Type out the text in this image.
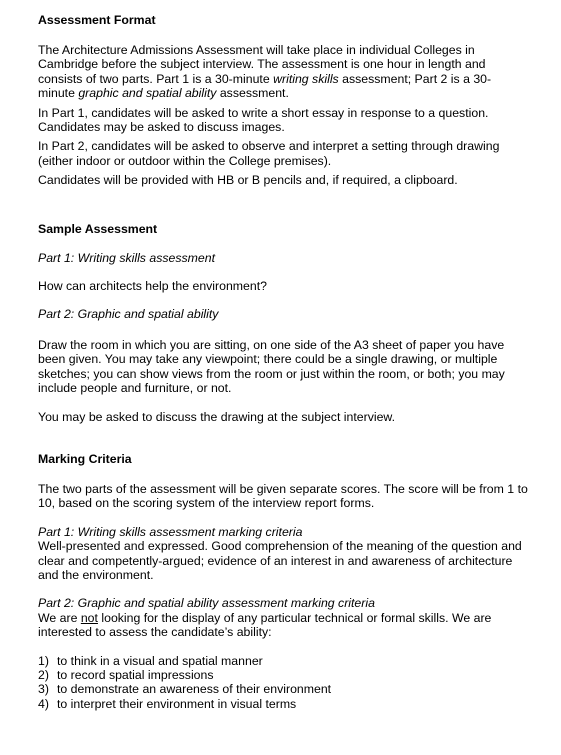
Assessment Format

The Architecture Admissions Assessment will take place in individual Colleges in Cambridge before the subject interview. The assessment is one hour in length and consists of two parts. Part 1 is a 30-minute writing skills assessment; Part 2 is a 30-minute graphic and spatial ability assessment.

In Part 1, candidates will be asked to write a short essay in response to a question. Candidates may be asked to discuss images.

In Part 2, candidates will be asked to observe and interpret a setting through drawing (either indoor or outdoor within the College premises).

Candidates will be provided with HB or B pencils and, if required, a clipboard.

Sample Assessment

Part 1: Writing skills assessment

How can architects help the environment?

Part 2: Graphic and spatial ability

Draw the room in which you are sitting, on one side of the A3 sheet of paper you have been given. You may take any viewpoint; there could be a single drawing, or multiple sketches; you can show views from the room or just within the room, or both; you may include people and furniture, or not.

You may be asked to discuss the drawing at the subject interview.

Marking Criteria

The two parts of the assessment will be given separate scores. The score will be from 1 to 10, based on the scoring system of the interview report forms.

Part 1: Writing skills assessment marking criteria

Well-presented and expressed. Good comprehension of the meaning of the question and clear and competently-argued; evidence of an interest in and awareness of architecture and the environment.

Part 2: Graphic and spatial ability assessment marking criteria

We are not looking for the display of any particular technical or formal skills. We are interested to assess the candidate’s ability:

1) to think in a visual and spatial manner
2) to record spatial impressions
3) to demonstrate an awareness of their environment
4) to interpret their environment in visual terms
